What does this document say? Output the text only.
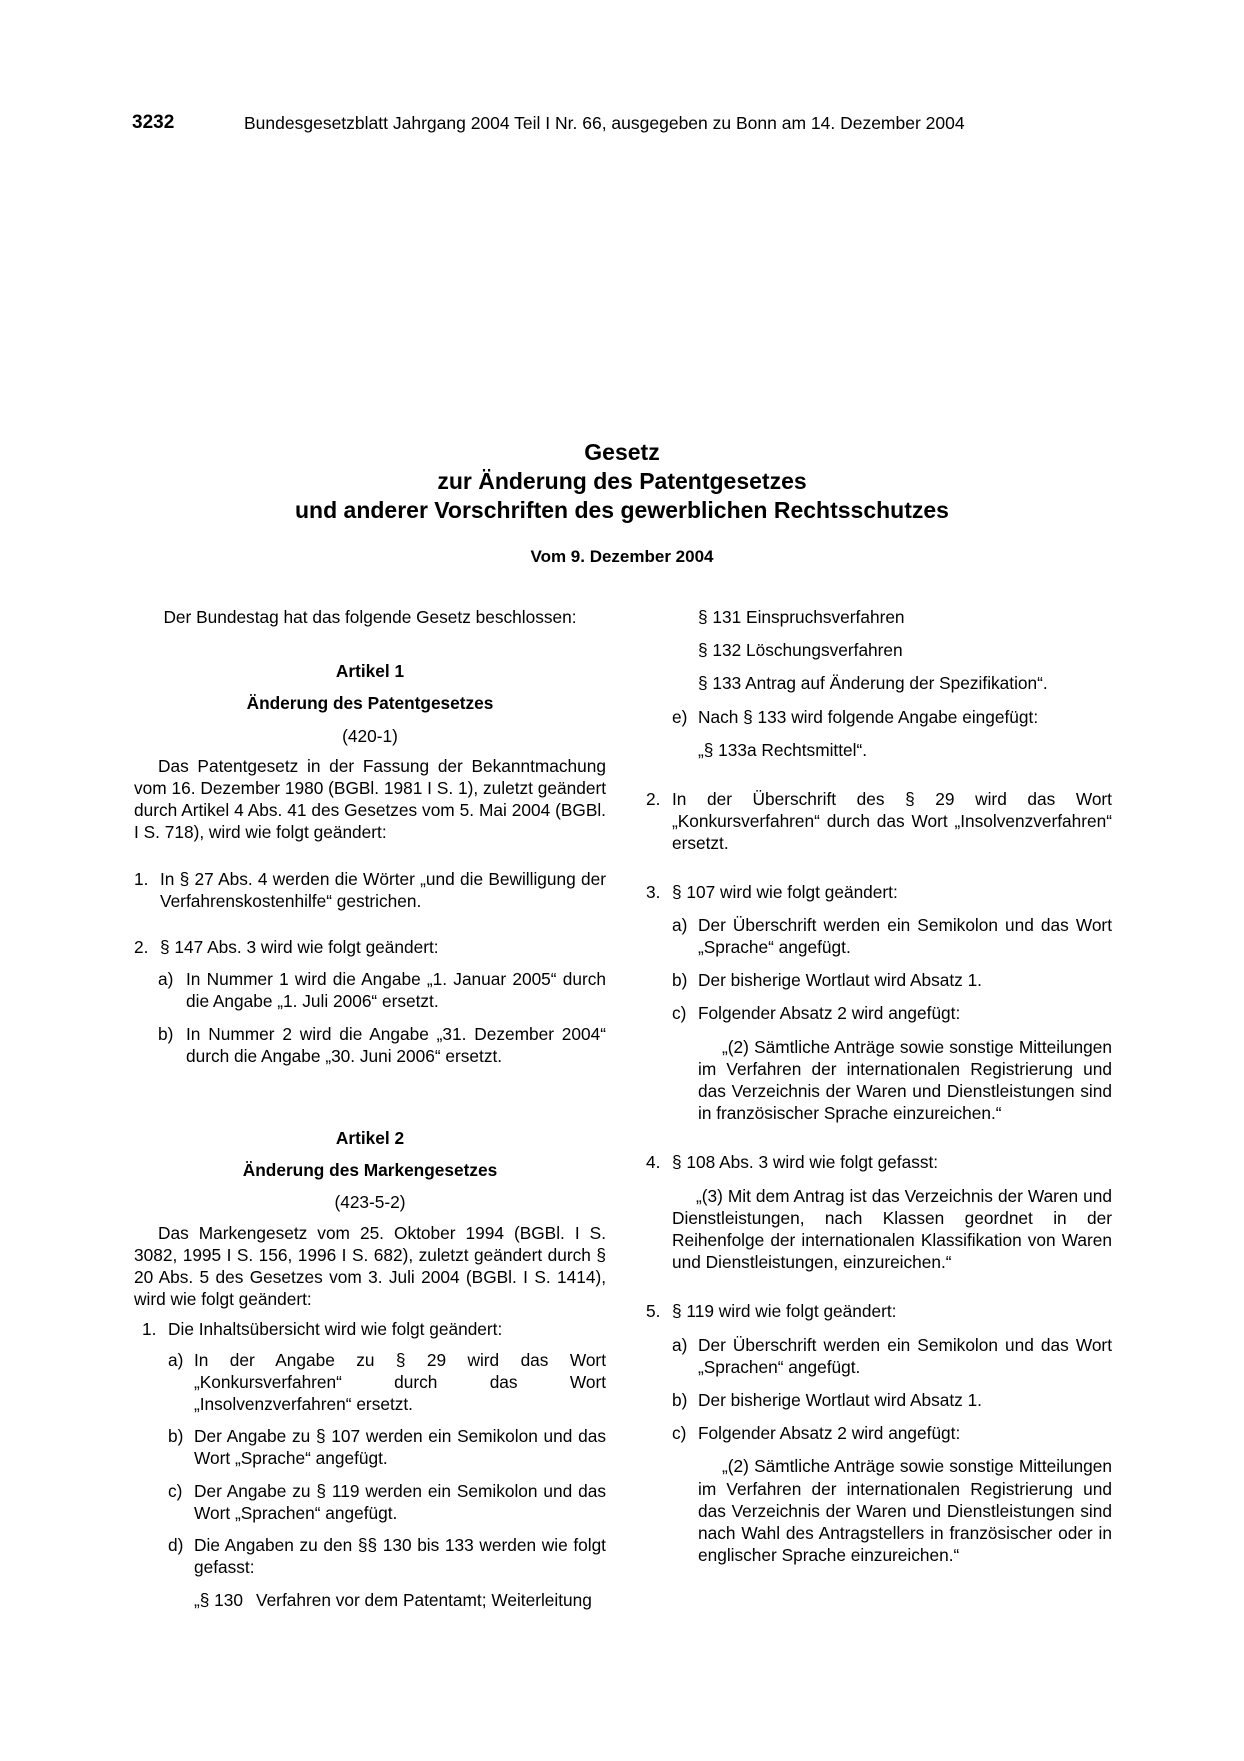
3232	Bundesgesetzblatt Jahrgang 2004 Teil I Nr. 66, ausgegeben zu Bonn am 14. Dezember 2004
Gesetz
zur Änderung des Patentgesetzes
und anderer Vorschriften des gewerblichen Rechtsschutzes
Vom 9. Dezember 2004
Der Bundestag hat das folgende Gesetz beschlossen:
Artikel 1
Änderung des Patentgesetzes
(420-1)
Das Patentgesetz in der Fassung der Bekanntmachung vom 16. Dezember 1980 (BGBl. 1981 I S. 1), zuletzt geändert durch Artikel 4 Abs. 41 des Gesetzes vom 5. Mai 2004 (BGBl. I S. 718), wird wie folgt geändert:
1. In § 27 Abs. 4 werden die Wörter „und die Bewilligung der Verfahrenskostenhilfe“ gestrichen.
2. § 147 Abs. 3 wird wie folgt geändert:
a) In Nummer 1 wird die Angabe „1. Januar 2005“ durch die Angabe „1. Juli 2006“ ersetzt.
b) In Nummer 2 wird die Angabe „31. Dezember 2004“ durch die Angabe „30. Juni 2006“ ersetzt.
Artikel 2
Änderung des Markengesetzes
(423-5-2)
Das Markengesetz vom 25. Oktober 1994 (BGBl. I S. 3082, 1995 I S. 156, 1996 I S. 682), zuletzt geändert durch § 20 Abs. 5 des Gesetzes vom 3. Juli 2004 (BGBl. I S. 1414), wird wie folgt geändert:
1. Die Inhaltsübersicht wird wie folgt geändert:
a) In der Angabe zu § 29 wird das Wort „Konkursverfahren“ durch das Wort „Insolvenzverfahren“ ersetzt.
b) Der Angabe zu § 107 werden ein Semikolon und das Wort „Sprache“ angefügt.
c) Der Angabe zu § 119 werden ein Semikolon und das Wort „Sprachen“ angefügt.
d) Die Angaben zu den §§ 130 bis 133 werden wie folgt gefasst:
„§ 130 Verfahren vor dem Patentamt; Weiterleitung
§ 131 Einspruchsverfahren
§ 132 Löschungsverfahren
§ 133 Antrag auf Änderung der Spezifikation“.
e) Nach § 133 wird folgende Angabe eingefügt:
„§ 133a Rechtsmittel“.
2. In der Überschrift des § 29 wird das Wort „Konkursverfahren“ durch das Wort „Insolvenzverfahren“ ersetzt.
3. § 107 wird wie folgt geändert:
a) Der Überschrift werden ein Semikolon und das Wort „Sprache“ angefügt.
b) Der bisherige Wortlaut wird Absatz 1.
c) Folgender Absatz 2 wird angefügt:
„(2) Sämtliche Anträge sowie sonstige Mitteilungen im Verfahren der internationalen Registrierung und das Verzeichnis der Waren und Dienstleistungen sind in französischer Sprache einzureichen.“
4. § 108 Abs. 3 wird wie folgt gefasst:
„(3) Mit dem Antrag ist das Verzeichnis der Waren und Dienstleistungen, nach Klassen geordnet in der Reihenfolge der internationalen Klassifikation von Waren und Dienstleistungen, einzureichen.“
5. § 119 wird wie folgt geändert:
a) Der Überschrift werden ein Semikolon und das Wort „Sprachen“ angefügt.
b) Der bisherige Wortlaut wird Absatz 1.
c) Folgender Absatz 2 wird angefügt:
„(2) Sämtliche Anträge sowie sonstige Mitteilungen im Verfahren der internationalen Registrierung und das Verzeichnis der Waren und Dienstleistungen sind nach Wahl des Antragstellers in französischer oder in englischer Sprache einzureichen.“
